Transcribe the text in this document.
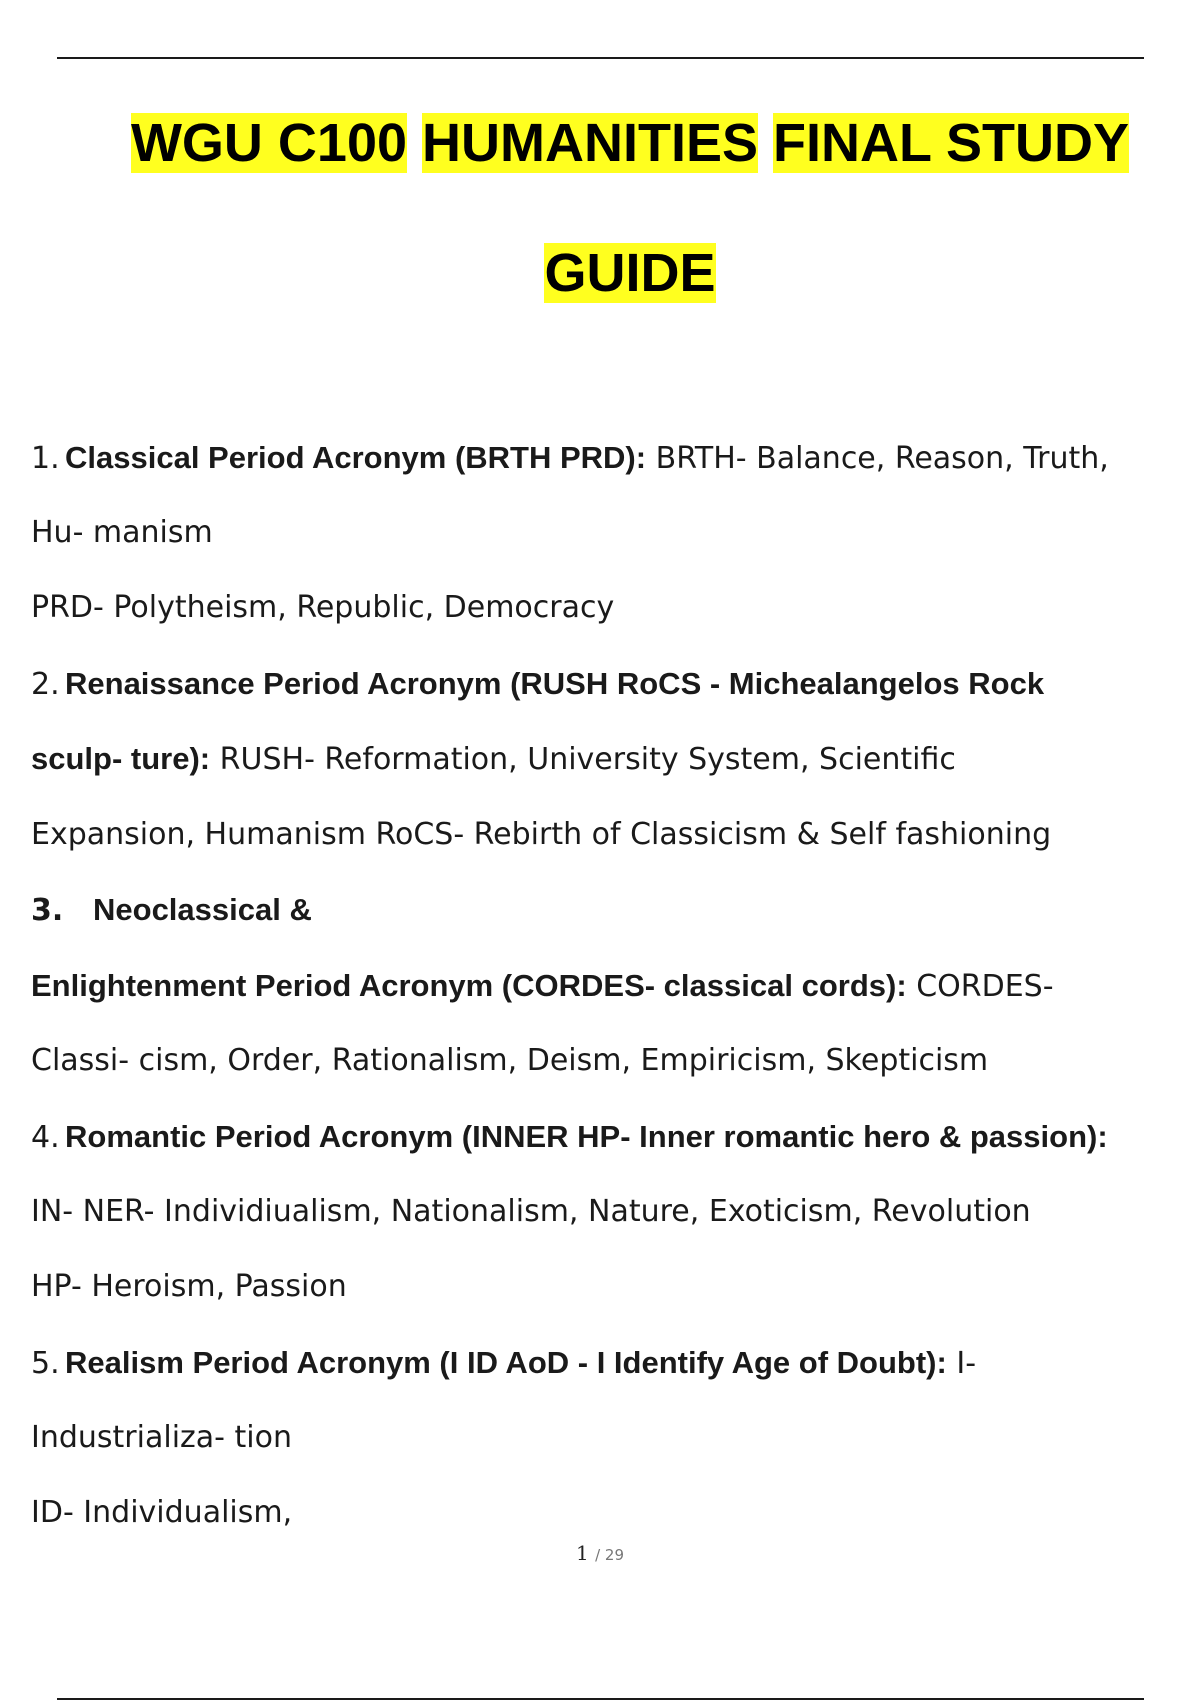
WGU C100 HUMANITIES FINAL STUDY
GUIDE
1. Classical Period Acronym (BRTH PRD): BRTH- Balance, Reason, Truth,
Hu- manism
PRD- Polytheism, Republic, Democracy
2. Renaissance Period Acronym (RUSH RoCS - Michealangelos Rock
sculp- ture): RUSH- Reformation, University System, Scientific
Expansion, Humanism RoCS- Rebirth of Classicism & Self fashioning
3. Neoclassical &
Enlightenment Period Acronym (CORDES- classical cords): CORDES-
Classi- cism, Order, Rationalism, Deism, Empiricism, Skepticism
4. Romantic Period Acronym (INNER HP- Inner romantic hero & passion):
IN- NER- Individiualism, Nationalism, Nature, Exoticism, Revolution
HP- Heroism, Passion
5. Realism Period Acronym (I ID AoD - I Identify Age of Doubt): I-
Industrializa- tion
ID- Individualism,
1 / 29
